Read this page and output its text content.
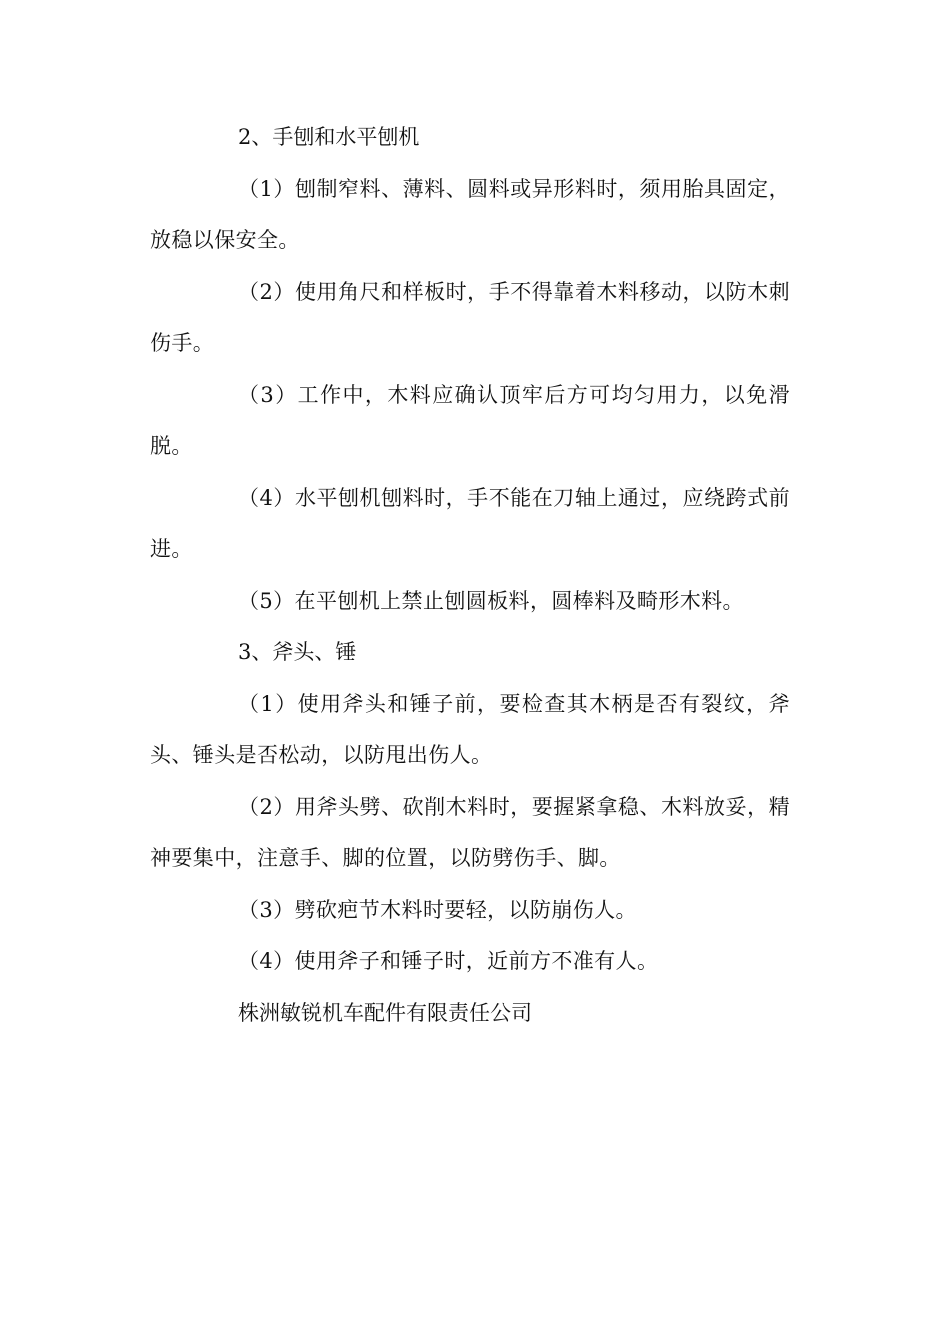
2、手刨和水平刨机

（1）刨制窄料、薄料、圆料或异形料时，须用胎具固定，放稳以保安全。

（2）使用角尺和样板时，手不得靠着木料移动，以防木刺伤手。

（3）工作中，木料应确认顶牢后方可均匀用力，以免滑脱。

（4）水平刨机刨料时，手不能在刀轴上通过，应绕跨式前进。

（5）在平刨机上禁止刨圆板料，圆棒料及畸形木料。

3、斧头、锤

（1）使用斧头和锤子前，要检查其木柄是否有裂纹，斧头、锤头是否松动，以防甩出伤人。

（2）用斧头劈、砍削木料时，要握紧拿稳、木料放妥，精神要集中，注意手、脚的位置，以防劈伤手、脚。

（3）劈砍疤节木料时要轻，以防崩伤人。

（4）使用斧子和锤子时，近前方不准有人。

株洲敏锐机车配件有限责任公司
